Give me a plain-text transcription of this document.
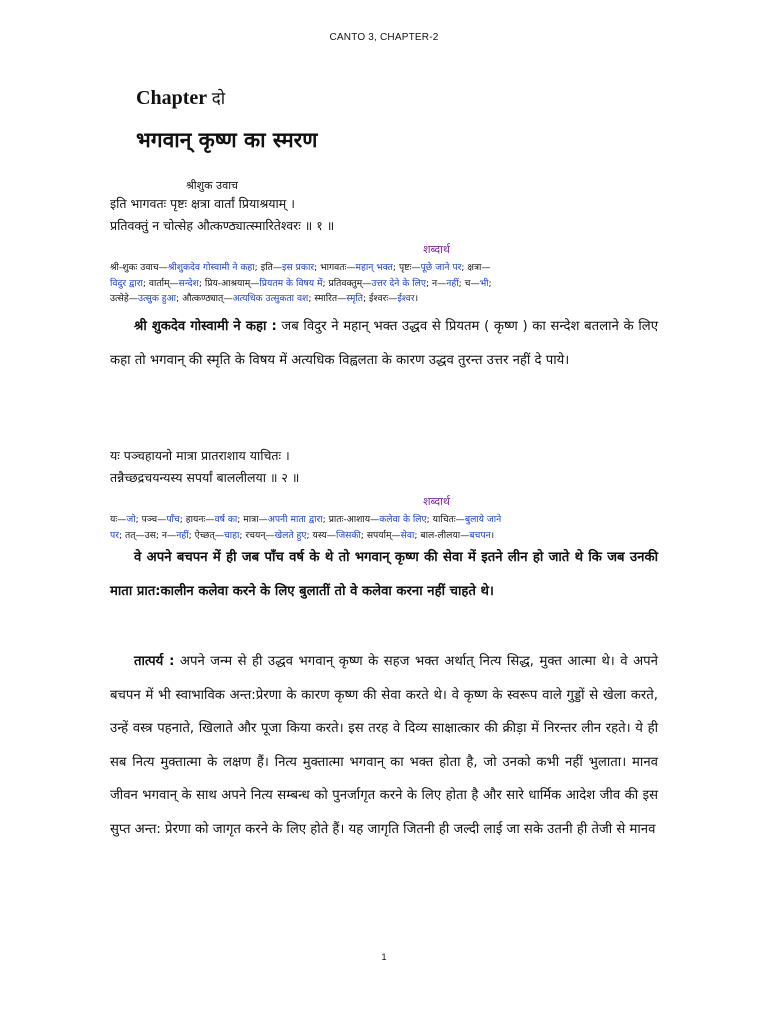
CANTO 3, CHAPTER-2
Chapter दो
भगवान् कृष्ण का स्मरण
श्रीशुक उवाच
इति भागवतः पृष्टः क्षत्रा वार्तां प्रियाश्रयाम् ।
प्रतिवक्तुं न चोत्सेह औत्कण्ठ्यात्स्मारितेश्वरः ॥ १ ॥
शब्दार्थ
श्री-शुकः उवाच—श्रीशुकदेव गोस्वामी ने कहा; इति—इस प्रकार; भागवतः—महान् भक्त; पृष्टः—पूछे जाने पर; क्षत्रा—
विदुर द्वारा; वार्ताम्—सन्देश; प्रिय-आश्रयाम्—प्रियतम के विषय में; प्रतिवक्तुम्—उत्तर देने के लिए; न—नहीं; च—भी;
उत्सेहे—उत्सुक हुआ; औत्कण्ठ्यात्—अत्यधिक उत्सुकता वश; स्मारित—स्मृति; ईश्वरः—ईश्वर।
श्री शुकदेव गोस्वामी ने कहा : जब विदुर ने महान् भक्त उद्धव से प्रियतम ( कृष्ण ) का सन्देश बतलाने के लिए कहा तो भगवान् की स्मृति के विषय में अत्यधिक विह्वलता के कारण उद्धव तुरन्त उत्तर नहीं दे पाये।
यः पञ्चहायनो मात्रा प्रातराशाय याचितः ।
तन्नैच्छद्रचयन्यस्य सपर्यां बाललीलया ॥ २ ॥
शब्दार्थ
यः—जो; पञ्च—पाँच; हायनः—वर्ष का; मात्रा—अपनी माता द्वारा; प्रातः-आशाय—कलेवा के लिए; याचितः—बुलाये जाने
पर; तत्—उस; न—नहीं; ऐच्छत्—चाहा; रचयन्—खेलते हुए; यस्य—जिसकी; सपर्याम्—सेवा; बाल-लीलया—बचपन।
वे अपने बचपन में ही जब पाँच वर्ष के थे तो भगवान् कृष्ण की सेवा में इतने लीन हो जाते थे कि जब उनकी माता प्रात:कालीन कलेवा करने के लिए बुलातीं तो वे कलेवा करना नहीं चाहते थे।
तात्पर्य : अपने जन्म से ही उद्धव भगवान् कृष्ण के सहज भक्त अर्थात् नित्य सिद्ध, मुक्त आत्मा थे। वे अपने बचपन में भी स्वाभाविक अन्त:प्रेरणा के कारण कृष्ण की सेवा करते थे। वे कृष्ण के स्वरूप वाले गुड्डों से खेला करते, उन्हें वस्त्र पहनाते, खिलाते और पूजा किया करते। इस तरह वे दिव्य साक्षात्कार की क्रीड़ा में निरन्तर लीन रहते। ये ही सब नित्य मुक्तात्मा के लक्षण हैं। नित्य मुक्तात्मा भगवान् का भक्त होता है, जो उनको कभी नहीं भुलाता। मानव जीवन भगवान् के साथ अपने नित्य सम्बन्ध को पुनर्जागृत करने के लिए होता है और सारे धार्मिक आदेश जीव की इस सुप्त अन्त: प्रेरणा को जागृत करने के लिए होते हैं। यह जागृति जितनी ही जल्दी लाई जा सके उतनी ही तेजी से मानव
1
